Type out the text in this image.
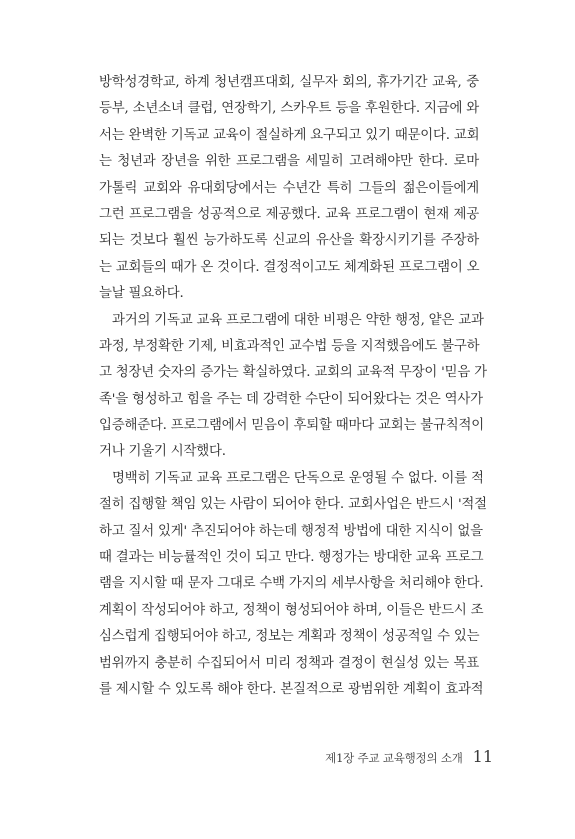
방학성경학교, 하계 청년캠프대회, 실무자 회의, 휴가기간 교육, 중
등부, 소년소녀 클럽, 연장학기, 스카우트 등을 후원한다. 지금에 와
서는 완벽한 기독교 교육이 절실하게 요구되고 있기 때문이다. 교회
는 청년과 장년을 위한 프로그램을 세밀히 고려해야만 한다. 로마
가톨릭 교회와 유대회당에서는 수년간 특히 그들의 젊은이들에게
그런 프로그램을 성공적으로 제공했다. 교육 프로그램이 현재 제공
되는 것보다 훨씬 능가하도록 신교의 유산을 확장시키기를 주장하
는 교회들의 때가 온 것이다. 결정적이고도 체계화된 프로그램이 오
늘날 필요하다.
과거의 기독교 교육 프로그램에 대한 비평은 약한 행정, 얕은 교과
과정, 부정확한 기제, 비효과적인 교수법 등을 지적했음에도 불구하
고 청장년 숫자의 증가는 확실하였다. 교회의 교육적 무장이 '믿음 가
족'을 형성하고 힘을 주는 데 강력한 수단이 되어왔다는 것은 역사가
입증해준다. 프로그램에서 믿음이 후퇴할 때마다 교회는 불규칙적이
거나 기울기 시작했다.
명백히 기독교 교육 프로그램은 단독으로 운영될 수 없다. 이를 적
절히 집행할 책임 있는 사람이 되어야 한다. 교회사업은 반드시 '적절
하고 질서 있게' 추진되어야 하는데 행정적 방법에 대한 지식이 없을
때 결과는 비능률적인 것이 되고 만다. 행정가는 방대한 교육 프로그
램을 지시할 때 문자 그대로 수백 가지의 세부사항을 처리해야 한다.
계획이 작성되어야 하고, 정책이 형성되어야 하며, 이들은 반드시 조
심스럽게 집행되어야 하고, 정보는 계획과 정책이 성공적일 수 있는
범위까지 충분히 수집되어서 미리 정책과 결정이 현실성 있는 목표
를 제시할 수 있도록 해야 한다. 본질적으로 광범위한 계획이 효과적
제1장 주교 교육행정의 소개 11
